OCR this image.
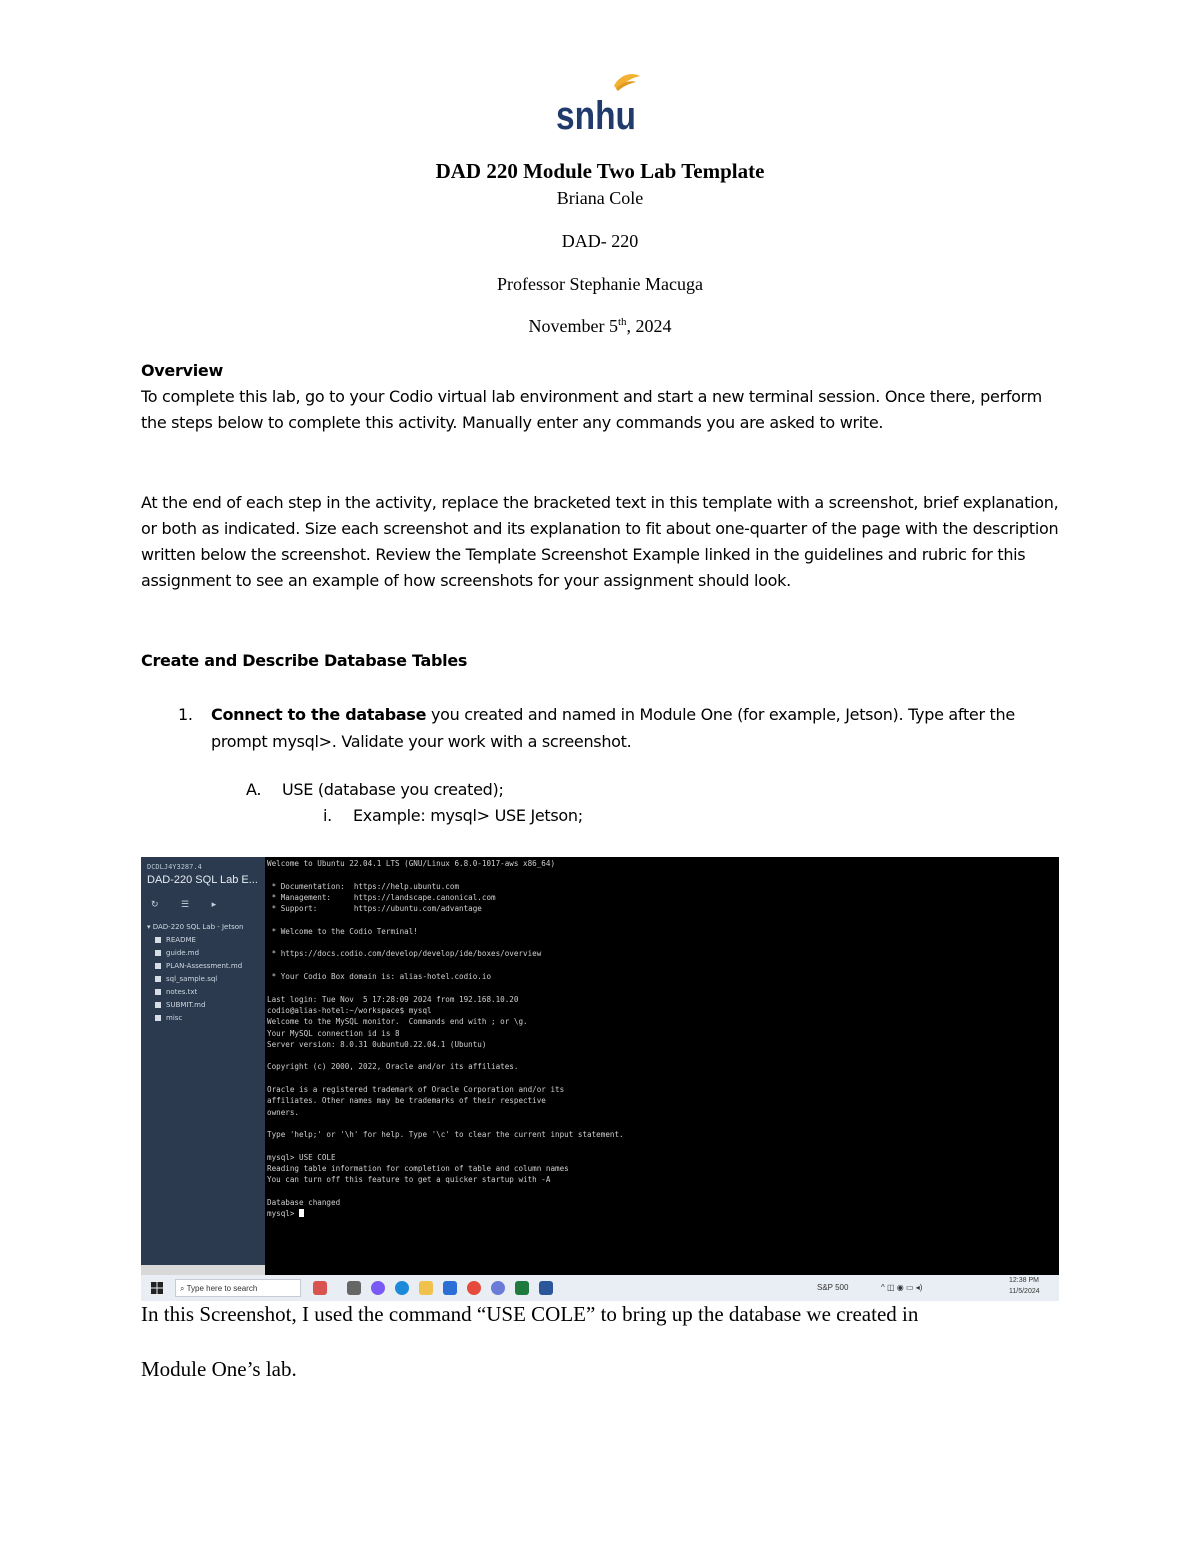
snhu
DAD 220 Module Two Lab Template
Briana Cole
DAD- 220
Professor Stephanie Macuga
November 5th, 2024
Overview
To complete this lab, go to your Codio virtual lab environment and start a new terminal session. Once there, perform the steps below to complete this activity. Manually enter any commands you are asked to write.
At the end of each step in the activity, replace the bracketed text in this template with a screenshot, brief explanation, or both as indicated. Size each screenshot and its explanation to fit about one-quarter of the page with the description written below the screenshot. Review the Template Screenshot Example linked in the guidelines and rubric for this assignment to see an example of how screenshots for your assignment should look.
Create and Describe Database Tables
1. Connect to the database you created and named in Module One (for example, Jetson). Type after the prompt mysql>. Validate your work with a screenshot.
A. USE (database you created);
i. Example: mysql> USE Jetson;
DCDLJ4Y3287.4
DAD-220 SQL Lab E...
↻ ☰ ▸
▾ DAD-220 SQL Lab - Jetson
README
guide.md
PLAN-Assessment.md
sql_sample.sql
notes.txt
SUBMIT.md
misc
Welcome to Ubuntu 22.04.1 LTS (GNU/Linux 6.8.0-1017-aws x86_64)
* Documentation:  https://help.ubuntu.com
* Management:     https://landscape.canonical.com
* Support:        https://ubuntu.com/advantage
* Welcome to the Codio Terminal!
* https://docs.codio.com/develop/develop/ide/boxes/overview
* Your Codio Box domain is: alias-hotel.codio.io
Last login: Tue Nov  5 17:28:09 2024 from 192.168.10.20
codio@alias-hotel:~/workspace$ mysql
Welcome to the MySQL monitor.  Commands end with ; or \g.
Your MySQL connection id is 8
Server version: 8.0.31 0ubuntu0.22.04.1 (Ubuntu)
Copyright (c) 2000, 2022, Oracle and/or its affiliates.
Oracle is a registered trademark of Oracle Corporation and/or its
affiliates. Other names may be trademarks of their respective
owners.
Type 'help;' or '\h' for help. Type '\c' to clear the current input statement.
mysql> USE COLE
Reading table information for completion of table and column names
You can turn off this feature to get a quicker startup with -A
Database changed
mysql>
⌕ Type here to search	S&P 500	^ ◫ ◉ ▭ ◂)
12:38 PM
11/5/2024
In this Screenshot, I used the command “USE COLE” to bring up the database we created in
Module One’s lab.
